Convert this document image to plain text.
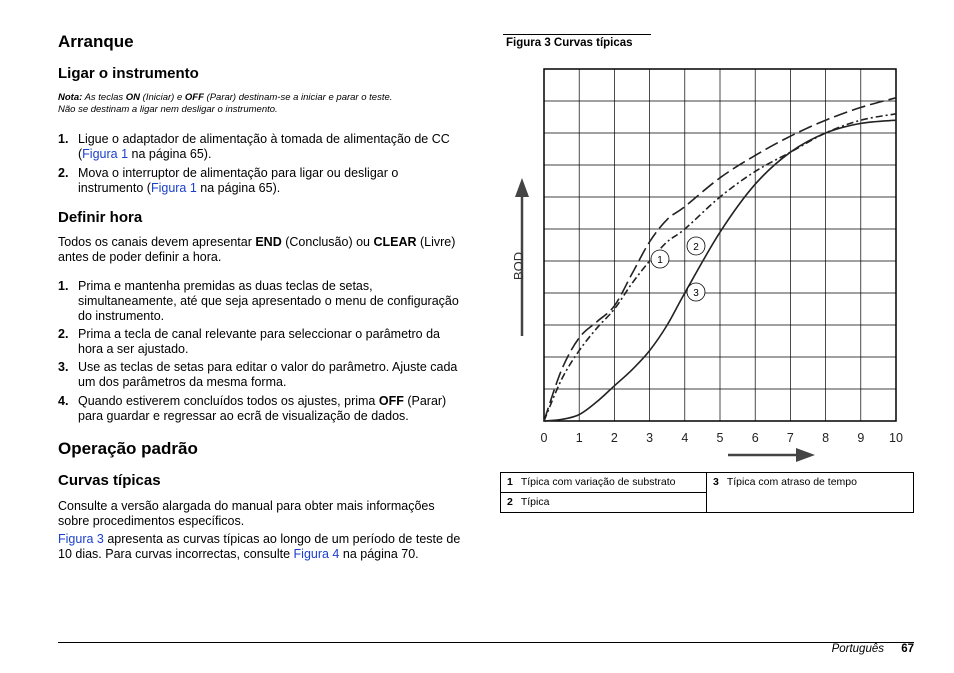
Arranque
Ligar o instrumento
Nota: As teclas ON (Iniciar) e OFF (Parar) destinam-se a iniciar e parar o teste.
Não se destinam a ligar nem desligar o instrumento.
1. Ligue o adaptador de alimentação à tomada de alimentação de CC
(Figura 1 na página 65).
2. Mova o interruptor de alimentação para ligar ou desligar o
instrumento (Figura 1 na página 65).
Definir hora
Todos os canais devem apresentar END (Conclusão) ou CLEAR (Livre)
antes de poder definir a hora.
1. Prima e mantenha premidas as duas teclas de setas,
simultaneamente, até que seja apresentado o menu de configuração
do instrumento.
2. Prima a tecla de canal relevante para seleccionar o parâmetro da
hora a ser ajustado.
3. Use as teclas de setas para editar o valor do parâmetro. Ajuste cada
um dos parâmetros da mesma forma.
4. Quando estiverem concluídos todos os ajustes, prima OFF (Parar)
para guardar e regressar ao ecrã de visualização de dados.
Operação padrão
Curvas típicas
Consulte a versão alargada do manual para obter mais informações
sobre procedimentos específicos.
Figura 3 apresenta as curvas típicas ao longo de um período de teste de
10 dias. Para curvas incorrectas, consulte Figura 4 na página 70.
Figura 3 Curvas típicas
0 1 2 3 4 5 6 7 8 9 10
BOD	1
2
3
1 Típica com variação de substrato	3 Típica com atraso de tempo
2 Típica
Português 67
